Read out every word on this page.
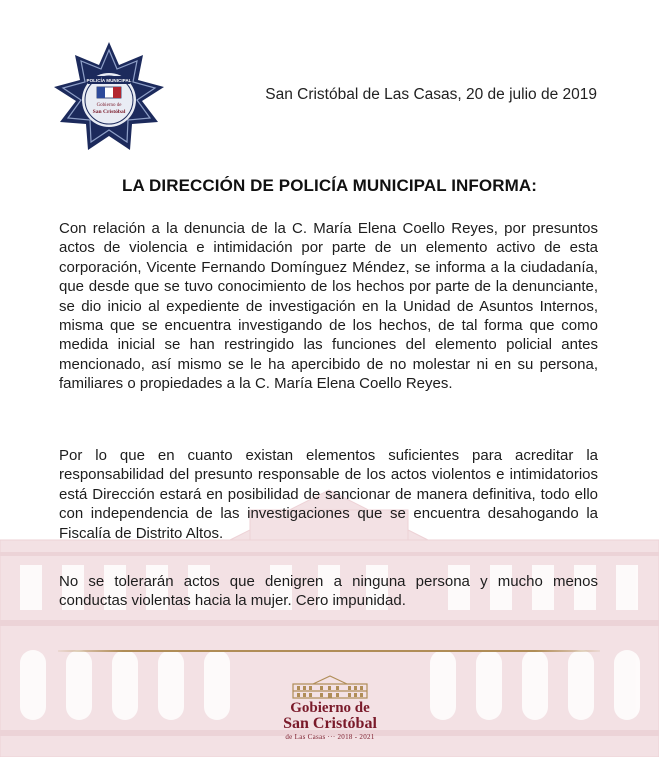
POLICÍA MUNICIPAL
Gobierno de
San Cristóbal

San Cristóbal de Las Casas, 20 de julio de 2019

LA DIRECCIÓN DE POLICÍA MUNICIPAL INFORMA:

Con relación a la denuncia de la C. María Elena Coello Reyes, por presuntos actos de violencia e intimidación por parte de un elemento activo de esta corporación, Vicente Fernando Domínguez Méndez, se informa a la ciudadanía, que desde que se tuvo conocimiento de los hechos por parte de la denunciante, se dio inicio al expediente de investigación en la Unidad de Asuntos Internos, misma que se encuentra investigando de los hechos, de tal forma que como medida inicial se han restringido las funciones del elemento policial antes mencionado, así mismo se le ha apercibido de no molestar ni en su persona, familiares o propiedades a la C. María Elena Coello Reyes.

Por lo que en cuanto existan elementos suficientes para acreditar la responsabilidad del presunto responsable de los actos violentos e intimidatorios está Dirección estará en posibilidad de sancionar de manera definitiva, todo ello con independencia de las investigaciones que se encuentra desahogando la Fiscalía de Distrito Altos.

No se tolerarán actos que denigren a ninguna persona y mucho menos conductas violentas hacia la mujer. Cero impunidad.

Gobierno de
San Cristóbal
de Las Casas ··· 2018 - 2021
